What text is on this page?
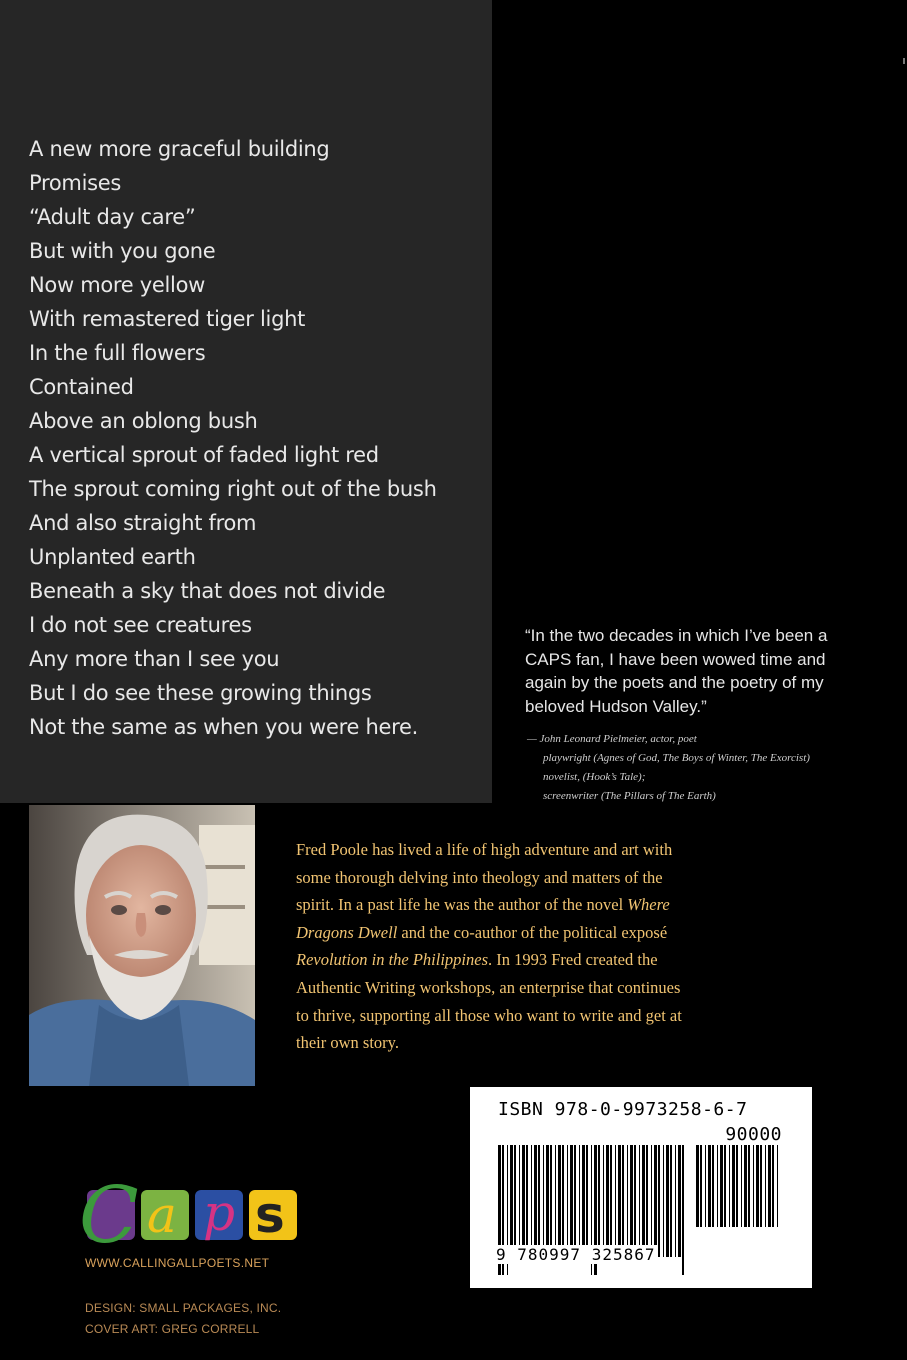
A new more graceful building
Promises
“Adult day care”
But with you gone
Now more yellow
With remastered tiger light
In the full flowers
Contained
Above an oblong bush
A vertical sprout of faded light red
The sprout coming right out of the bush
And also straight from
Unplanted earth
Beneath a sky that does not divide
I do not see creatures
Any more than I see you
But I do see these growing things
Not the same as when you were here.

“In the two decades in which I’ve been a CAPS fan, I have been wowed time and again by the poets and the poetry of my beloved Hudson Valley.”

— John Leonard Pielmeier, actor, poet
playwright (Agnes of God, The Boys of Winter, The Exorcist)
novelist, (Hook’s Tale);
screenwriter (The Pillars of The Earth)

Fred Poole has lived a life of high adventure and art with some thorough delving into theology and matters of the spirit. In a past life he was the author of the novel Where Dragons Dwell and the co-author of the political exposé Revolution in the Philippines. In 1993 Fred created the Authentic Writing workshops, an enterprise that continues to thrive, supporting all those who want to write and get at their own story.

ISBN 978-0-9973258-6-7
90000
9 780997 325867
C a p s
WWW.CALLINGALLPOETS.NET
DESIGN: SMALL PACKAGES, INC.
COVER ART: GREG CORRELL
